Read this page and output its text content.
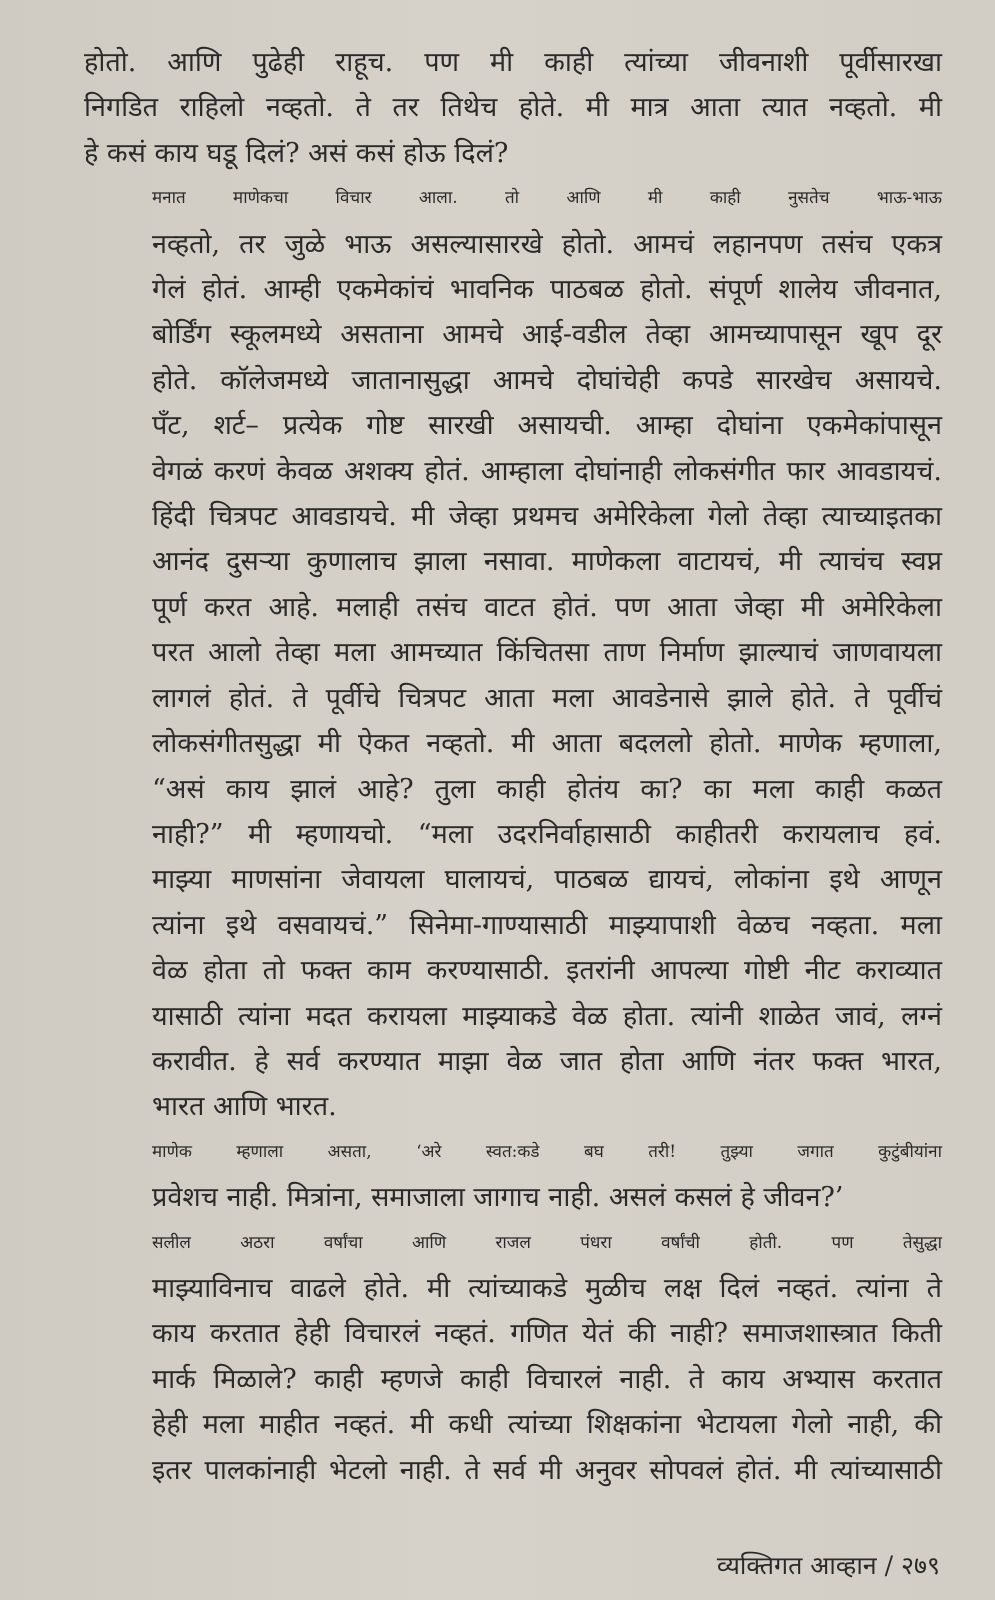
होतो. आणि पुढेही राहूच. पण मी काही त्यांच्या जीवनाशी पूर्वीसारखा
निगडित राहिलो नव्हतो. ते तर तिथेच होते. मी मात्र आता त्यात नव्हतो. मी
हे कसं काय घडू दिलं? असं कसं होऊ दिलं?

मनात माणेकचा विचार आला. तो आणि मी काही नुसतेच भाऊ-भाऊ
नव्हतो, तर जुळे भाऊ असल्यासारखे होतो. आमचं लहानपण तसंच एकत्र
गेलं होतं. आम्ही एकमेकांचं भावनिक पाठबळ होतो. संपूर्ण शालेय जीवनात,
बोर्डिंग स्कूलमध्ये असताना आमचे आई-वडील तेव्हा आमच्यापासून खूप दूर
होते. कॉलेजमध्ये जातानासुद्धा आमचे दोघांचेही कपडे सारखेच असायचे.
पॅंट, शर्ट– प्रत्येक गोष्ट सारखी असायची. आम्हा दोघांना एकमेकांपासून
वेगळं करणं केवळ अशक्य होतं. आम्हाला दोघांनाही लोकसंगीत फार आवडायचं.
हिंदी चित्रपट आवडायचे. मी जेव्हा प्रथमच अमेरिकेला गेलो तेव्हा त्याच्याइतका
आनंद दुसऱ्या कुणालाच झाला नसावा. माणेकला वाटायचं, मी त्याचंच स्वप्न
पूर्ण करत आहे. मलाही तसंच वाटत होतं. पण आता जेव्हा मी अमेरिकेला
परत आलो तेव्हा मला आमच्यात किंचितसा ताण निर्माण झाल्याचं जाणवायला
लागलं होतं. ते पूर्वीचे चित्रपट आता मला आवडेनासे झाले होते. ते पूर्वीचं
लोकसंगीतसुद्धा मी ऐकत नव्हतो. मी आता बदललो होतो. माणेक म्हणाला,
“असं काय झालं आहे? तुला काही होतंय का? का मला काही कळत
नाही?” मी म्हणायचो. “मला उदरनिर्वाहासाठी काहीतरी करायलाच हवं.
माझ्या माणसांना जेवायला घालायचं, पाठबळ द्यायचं, लोकांना इथे आणून
त्यांना इथे वसवायचं.” सिनेमा-गाण्यासाठी माझ्यापाशी वेळच नव्हता. मला
वेळ होता तो फक्त काम करण्यासाठी. इतरांनी आपल्या गोष्टी नीट कराव्यात
यासाठी त्यांना मदत करायला माझ्याकडे वेळ होता. त्यांनी शाळेत जावं, लग्नं
करावीत. हे सर्व करण्यात माझा वेळ जात होता आणि नंतर फक्त भारत,
भारत आणि भारत.

माणेक म्हणाला असता, ‘अरे स्वत:कडे बघ तरी! तुझ्या जगात कुटुंबीयांना
प्रवेशच नाही. मित्रांना, समाजाला जागाच नाही. असलं कसलं हे जीवन?’

सलील अठरा वर्षांचा आणि राजल पंधरा वर्षांची होती. पण तेसुद्धा
माझ्याविनाच वाढले होते. मी त्यांच्याकडे मुळीच लक्ष दिलं नव्हतं. त्यांना ते
काय करतात हेही विचारलं नव्हतं. गणित येतं की नाही? समाजशास्त्रात किती
मार्क मिळाले? काही म्हणजे काही विचारलं नाही. ते काय अभ्यास करतात
हेही मला माहीत नव्हतं. मी कधी त्यांच्या शिक्षकांना भेटायला गेलो नाही, की
इतर पालकांनाही भेटलो नाही. ते सर्व मी अनुवर सोपवलं होतं. मी त्यांच्यासाठी

व्यक्तिगत आव्हान / २७९
